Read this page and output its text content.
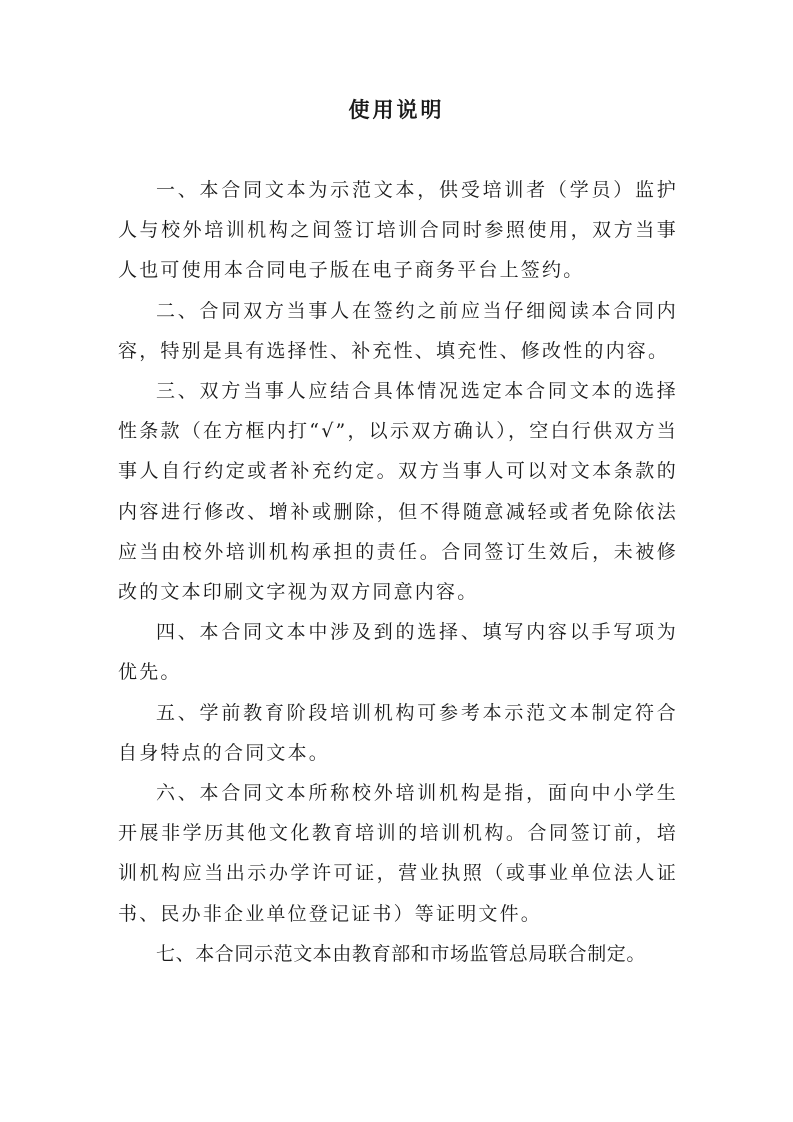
使用说明

一、本合同文本为示范文本，供受培训者（学员）监护人与校外培训机构之间签订培训合同时参照使用，双方当事人也可使用本合同电子版在电子商务平台上签约。

二、合同双方当事人在签约之前应当仔细阅读本合同内容，特别是具有选择性、补充性、填充性、修改性的内容。

三、双方当事人应结合具体情况选定本合同文本的选择性条款（在方框内打“√”，以示双方确认），空白行供双方当事人自行约定或者补充约定。双方当事人可以对文本条款的内容进行修改、增补或删除，但不得随意减轻或者免除依法应当由校外培训机构承担的责任。合同签订生效后，未被修改的文本印刷文字视为双方同意内容。

四、本合同文本中涉及到的选择、填写内容以手写项为优先。

五、学前教育阶段培训机构可参考本示范文本制定符合自身特点的合同文本。

六、本合同文本所称校外培训机构是指，面向中小学生开展非学历其他文化教育培训的培训机构。合同签订前，培训机构应当出示办学许可证，营业执照（或事业单位法人证书、民办非企业单位登记证书）等证明文件。

七、本合同示范文本由教育部和市场监管总局联合制定。
